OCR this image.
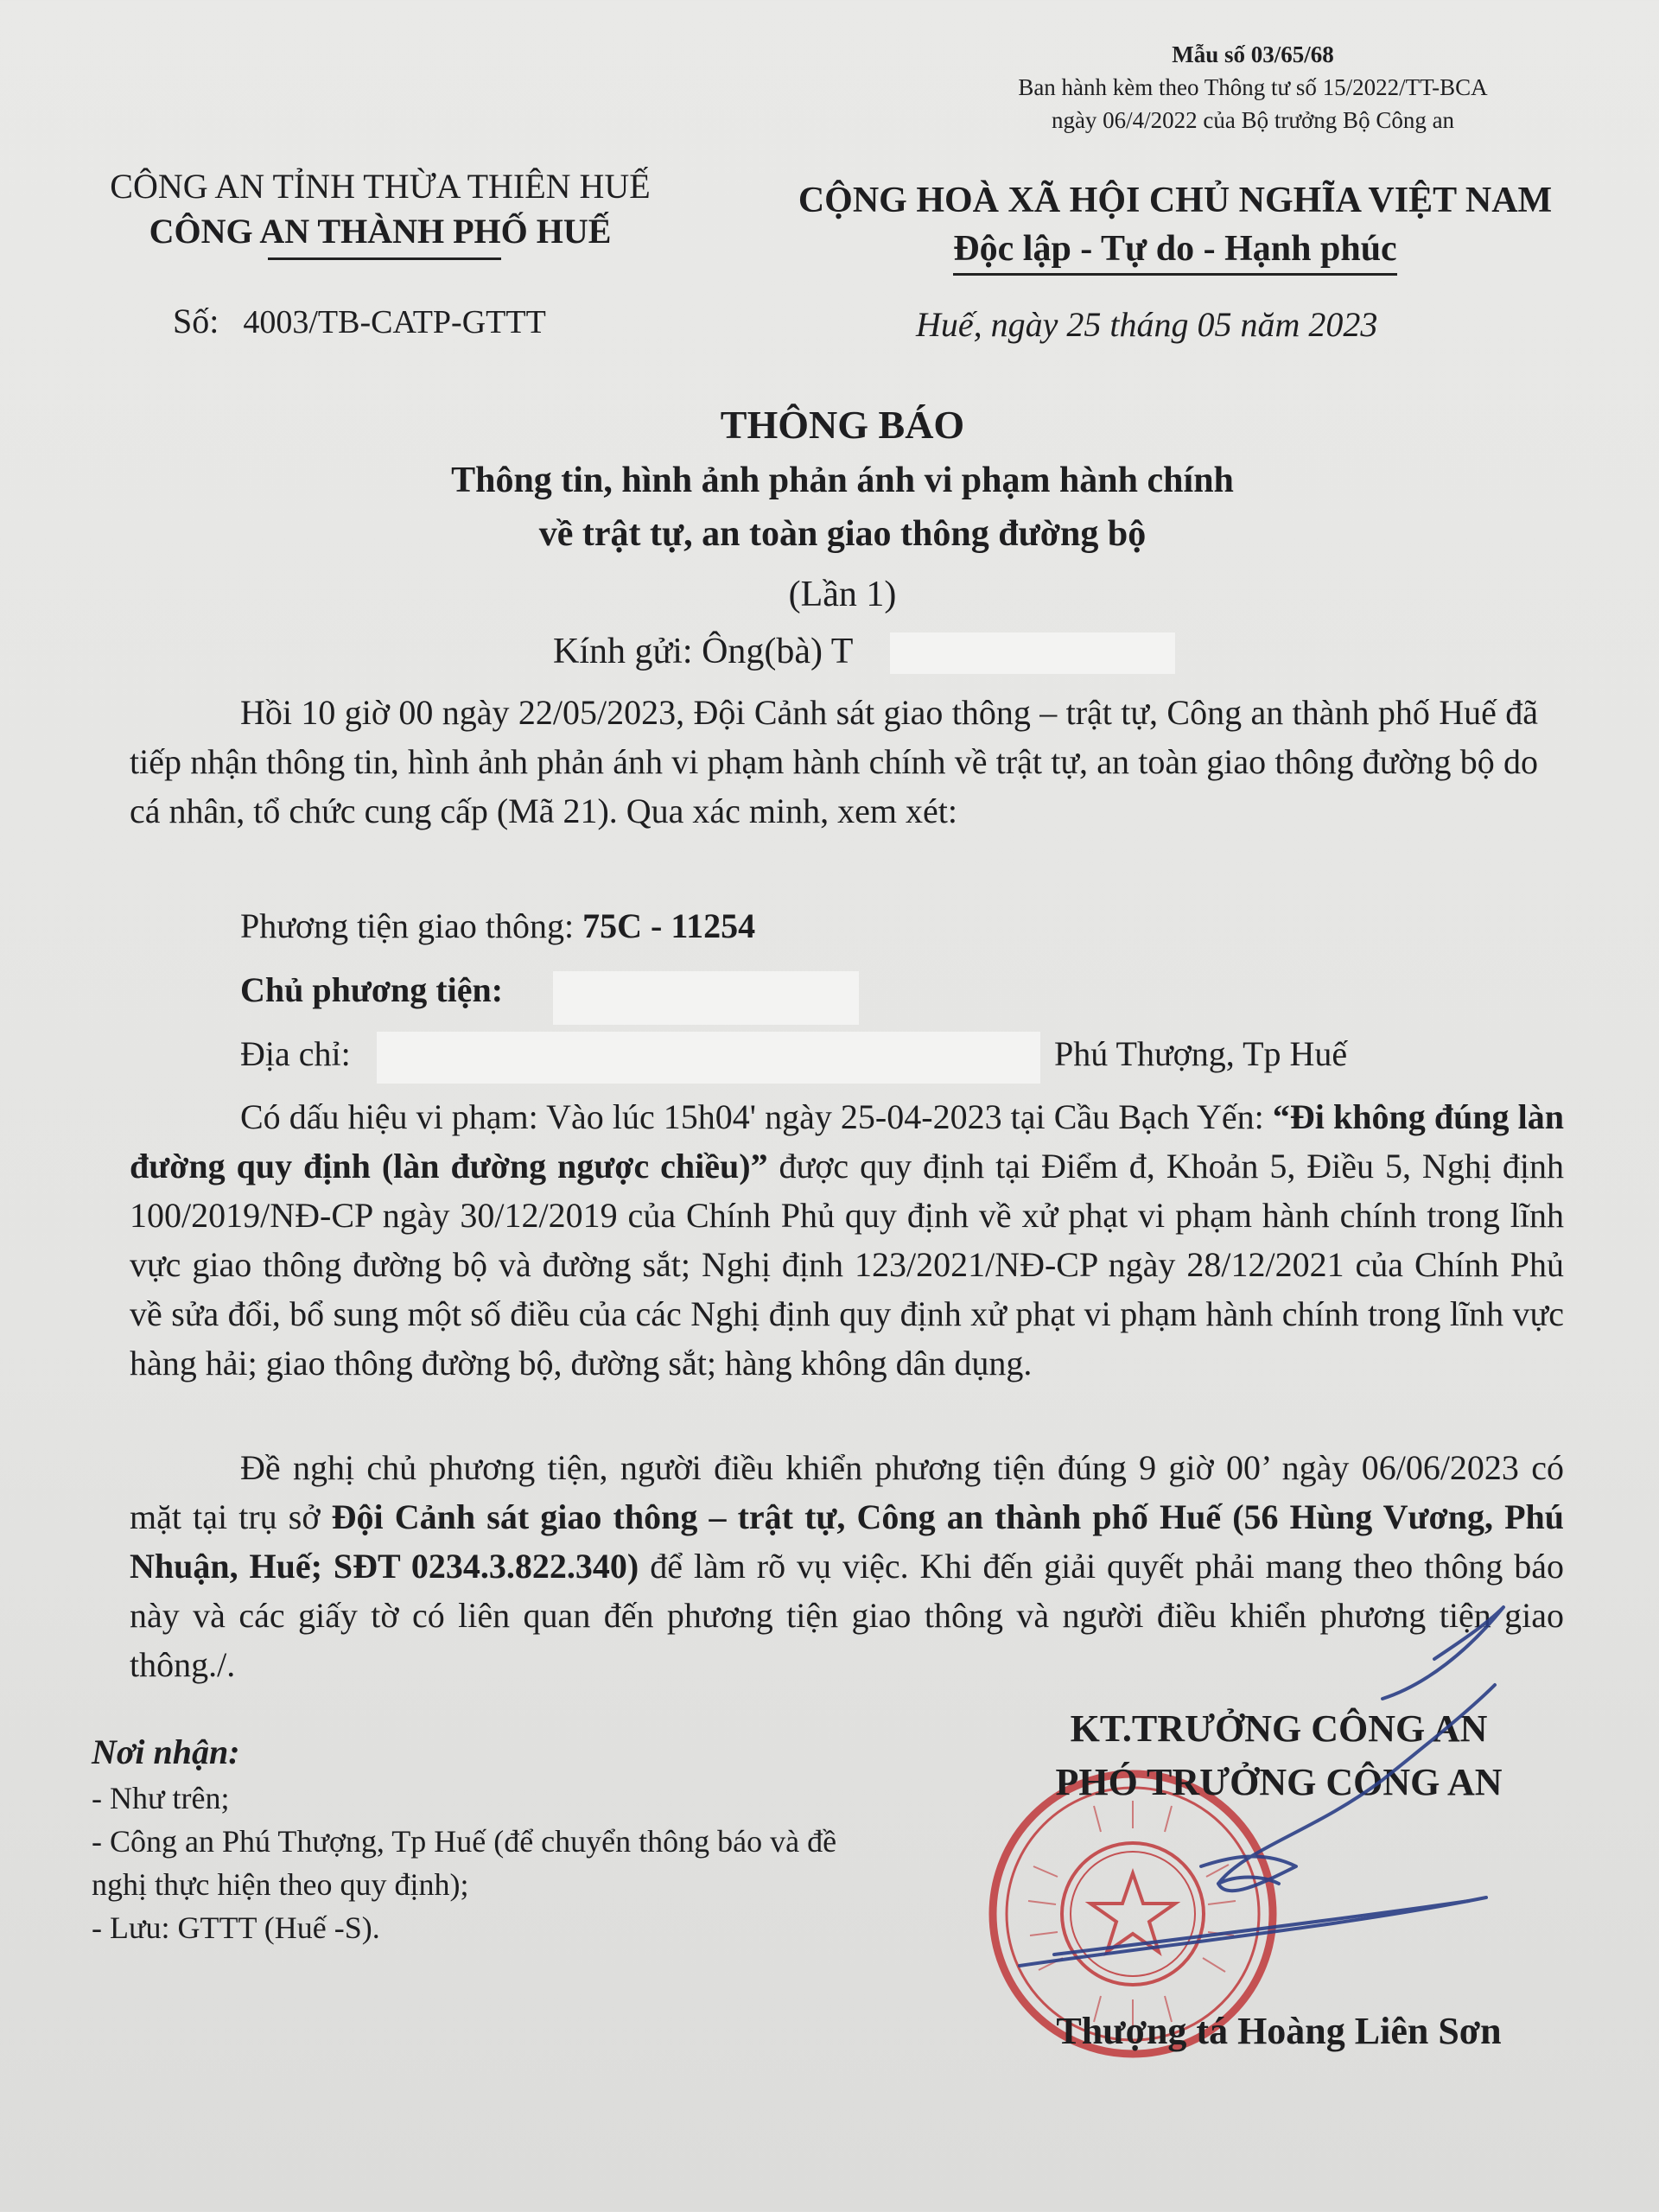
Mẫu số 03/65/68
Ban hành kèm theo Thông tư số 15/2022/TT-BCA
ngày 06/4/2022 của Bộ trưởng Bộ Công an
CÔNG AN TỈNH THỪA THIÊN HUẾ
CÔNG AN THÀNH PHỐ HUẾ
CỘNG HOÀ XÃ HỘI CHỦ NGHĨA VIỆT NAM
Độc lập - Tự do - Hạnh phúc
Số: 4003/TB-CATP-GTTT	Huế, ngày 25 tháng 05 năm 2023
THÔNG BÁO
Thông tin, hình ảnh phản ánh vi phạm hành chính
về trật tự, an toàn giao thông đường bộ
(Lần 1)
Kính gửi: Ông(bà) T
Hồi 10 giờ 00 ngày 22/05/2023, Đội Cảnh sát giao thông – trật tự, Công an thành phố Huế đã tiếp nhận thông tin, hình ảnh phản ánh vi phạm hành chính về trật tự, an toàn giao thông đường bộ do cá nhân, tổ chức cung cấp (Mã 21). Qua xác minh, xem xét:
Phương tiện giao thông: 75C - 11254
Chủ phương tiện:
Địa chỉ:	Phú Thượng, Tp Huế
Có dấu hiệu vi phạm: Vào lúc 15h04' ngày 25-04-2023 tại Cầu Bạch Yến: “Đi không đúng làn đường quy định (làn đường ngược chiều)” được quy định tại Điểm đ, Khoản 5, Điều 5, Nghị định 100/2019/NĐ-CP ngày 30/12/2019 của Chính Phủ quy định về xử phạt vi phạm hành chính trong lĩnh vực giao thông đường bộ và đường sắt; Nghị định 123/2021/NĐ-CP ngày 28/12/2021 của Chính Phủ về sửa đổi, bổ sung một số điều của các Nghị định quy định xử phạt vi phạm hành chính trong lĩnh vực hàng hải; giao thông đường bộ, đường sắt; hàng không dân dụng.
Đề nghị chủ phương tiện, người điều khiển phương tiện đúng 9 giờ 00’ ngày 06/06/2023 có mặt tại trụ sở Đội Cảnh sát giao thông – trật tự, Công an thành phố Huế (56 Hùng Vương, Phú Nhuận, Huế; SĐT 0234.3.822.340) để làm rõ vụ việc. Khi đến giải quyết phải mang theo thông báo này và các giấy tờ có liên quan đến phương tiện giao thông và người điều khiển phương tiện giao thông./.
Nơi nhận:
- Như trên;
- Công an Phú Thượng, Tp Huế (để chuyển thông báo và đề nghị thực hiện theo quy định);
- Lưu: GTTT (Huế -S).
KT.TRƯỞNG CÔNG AN
PHÓ TRƯỞNG CÔNG AN
Thượng tá Hoàng Liên Sơn
